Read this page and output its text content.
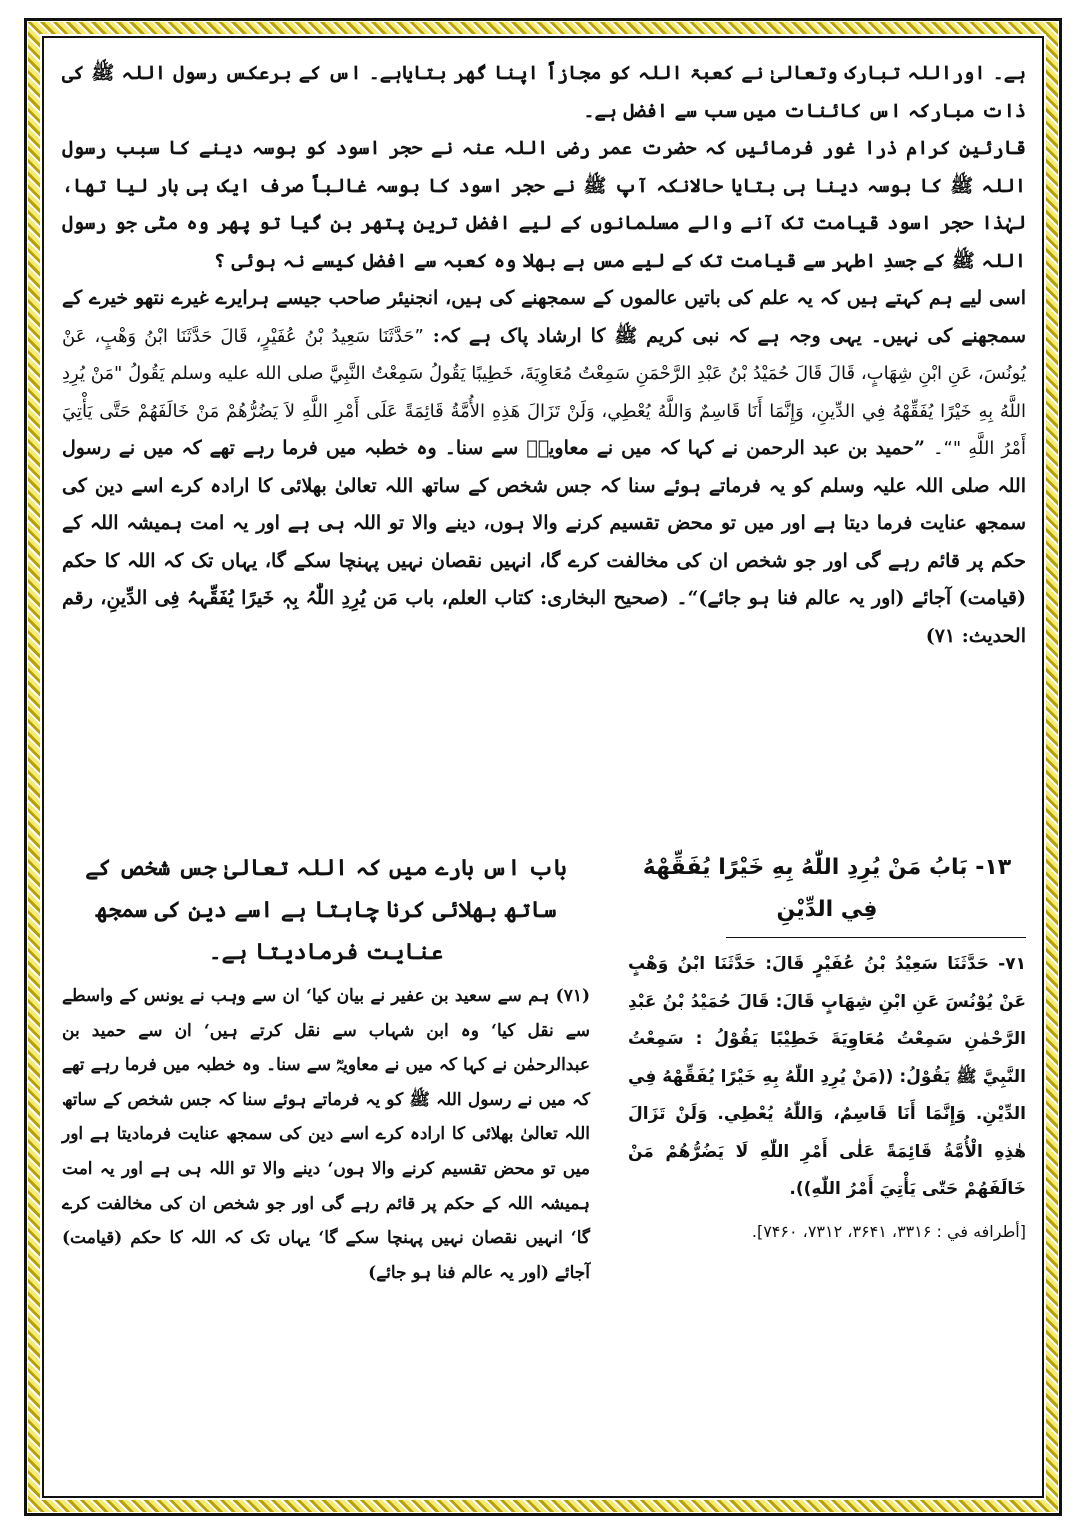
ہے۔ اوراللہ تبارک وتعالیٰ نے کعبۃ اللہ کو مجازاً اپنا گھر بتایاہے۔ اس کے برعکس رسول اللہ ﷺ کی ذات مبارکہ اس کائنات میں سب سے افضل ہے۔

قارئین کرام ذرا غور فرمائیں کہ حضرت عمر رضی اللہ عنہ نے حجر اسود کو بوسہ دینے کا سبب رسول اللہ ﷺ کا بوسہ دینا ہی بتایا حالانکہ آپ ﷺ نے حجر اسود کا بوسہ غالباً صرف ایک ہی بار لیا تھا، لہٰذا حجر اسود قیامت تک آنے والے مسلمانوں کے لیے افضل ترین پتھر بن گیا تو پھر وہ مٹی جو رسول اللہ ﷺ کے جسدِ اطہر سے قیامت تک کے لیے مس ہے بھلا وہ کعبہ سے افضل کیسے نہ ہوئی ؟

اسی لیے ہم کہتے ہیں کہ یہ علم کی باتیں عالموں کے سمجھنے کی ہیں، انجنیئر صاحب جیسے ہرایرے غیرے نتھو خیرے کے سمجھنے کی نہیں۔ یہی وجہ ہے کہ نبی کریم ﷺ کا ارشاد پاک ہے کہ: ”حَدَّثَنَا سَعِيدُ بْنُ عُفَيْرٍ، قَالَ حَدَّثَنَا ابْنُ وَهْبٍ، عَنْ يُونُسَ، عَنِ ابْنِ شِهَابٍ، قَالَ قَالَ حُمَيْدُ بْنُ عَبْدِ الرَّحْمَنِ سَمِعْتُ مُعَاوِيَةَ، خَطِيبًا يَقُولُ سَمِعْتُ النَّبِيَّ صلى الله عليه وسلم يَقُولُ "مَنْ يُرِدِ اللَّهُ بِهِ خَيْرًا يُفَقِّهْهُ فِي الدِّينِ، وَإِنَّمَا أَنَا قَاسِمٌ وَاللَّهُ يُعْطِي، وَلَنْ تَزَالَ هَذِهِ الأُمَّةُ قَائِمَةً عَلَى أَمْرِ اللَّهِ لاَ يَضُرُّهُمْ مَنْ خَالَفَهُمْ حَتَّى يَأْتِيَ أَمْرُ اللَّهِ "“۔ ”حمید بن عبد الرحمن نے کہا کہ میں نے معاویہؓ سے سنا۔ وہ خطبہ میں فرما رہے تھے کہ میں نے رسول اللہ صلی اللہ علیہ وسلم کو یہ فرماتے ہوئے سنا کہ جس شخص کے ساتھ اللہ تعالیٰ بھلائی کا ارادہ کرے اسے دین کی سمجھ عنایت فرما دیتا ہے اور میں تو محض تقسیم کرنے والا ہوں، دینے والا تو اللہ ہی ہے اور یہ امت ہمیشہ اللہ کے حکم پر قائم رہے گی اور جو شخص ان کی مخالفت کرے گا، انہیں نقصان نہیں پہنچا سکے گا، یہاں تک کہ اللہ کا حکم (قیامت) آجائے (اور یہ عالم فنا ہو جائے)“۔ (صحیح البخاری: کتاب العلم، باب مَن یُرِدِ اللّٰہُ بِہٖ خَیرًا یُفَقِّہہُ فِی الدِّینِ، رقم الحدیث: ۷۱)

باب اس بارے میں کہ اللہ تعالیٰ جس شخص کے ساتھ بھلائی کرنا چاہتا ہے اسے دین کی سمجھ عنایت فرمادیتا ہے۔

(۷۱) ہم سے سعید بن عفیر نے بیان کیا‘ ان سے وہب نے یونس کے واسطے سے نقل کیا‘ وہ ابن شہاب سے نقل کرتے ہیں‘ ان سے حمید بن عبدالرحمٰن نے کہا کہ میں نے معاویہؓ سے سنا۔ وہ خطبہ میں فرما رہے تھے کہ میں نے رسول اللہ ﷺ کو یہ فرماتے ہوئے سنا کہ جس شخص کے ساتھ اللہ تعالیٰ بھلائی کا ارادہ کرے اسے دین کی سمجھ عنایت فرمادیتا ہے اور میں تو محض تقسیم کرنے والا ہوں‘ دینے والا تو اللہ ہی ہے اور یہ امت ہمیشہ اللہ کے حکم پر قائم رہے گی اور جو شخص ان کی مخالفت کرے گا‘ انہیں نقصان نہیں پہنچا سکے گا‘ یہاں تک کہ اللہ کا حکم (قیامت) آجائے (اور یہ عالم فنا ہو جائے)

۱۳- بَابُ مَنْ يُرِدِ اللّٰهُ بِهِ خَيْرًا يُفَقِّهْهُ فِي الدِّيْنِ

۷۱- حَدَّثَنَا سَعِيْدُ بْنُ عُفَيْرٍ قَالَ: حَدَّثَنَا ابْنُ وَهْبٍ عَنْ يُوْنُسَ عَنِ ابْنِ شِهَابٍ قَالَ: قَالَ حُمَيْدُ بْنُ عَبْدِ الرَّحْمٰنِ سَمِعْتُ مُعَاوِيَةَ خَطِيْبًا يَقُوْلُ : سَمِعْتُ النَّبِيَّ ﷺ يَقُوْلُ: ((مَنْ يُرِدِ اللّٰهُ بِهِ خَيْرًا يُفَقِّهْهُ فِي الدِّيْنِ. وَإِنَّمَا أَنَا قَاسِمٌ، وَاللّٰهُ يُعْطِي. وَلَنْ تَزَالَ هٰذِهِ الْأُمَّةُ قَائِمَةً عَلٰى أَمْرِ اللّٰهِ لَا يَضُرُّهُمْ مَنْ خَالَفَهُمْ حَتّٰى يَأْتِيَ أَمْرُ اللّٰهِ)).

[أطرافه في : ۳۳۱۶، ۳۶۴۱، ۷۳۱۲، ۷۴۶۰].
